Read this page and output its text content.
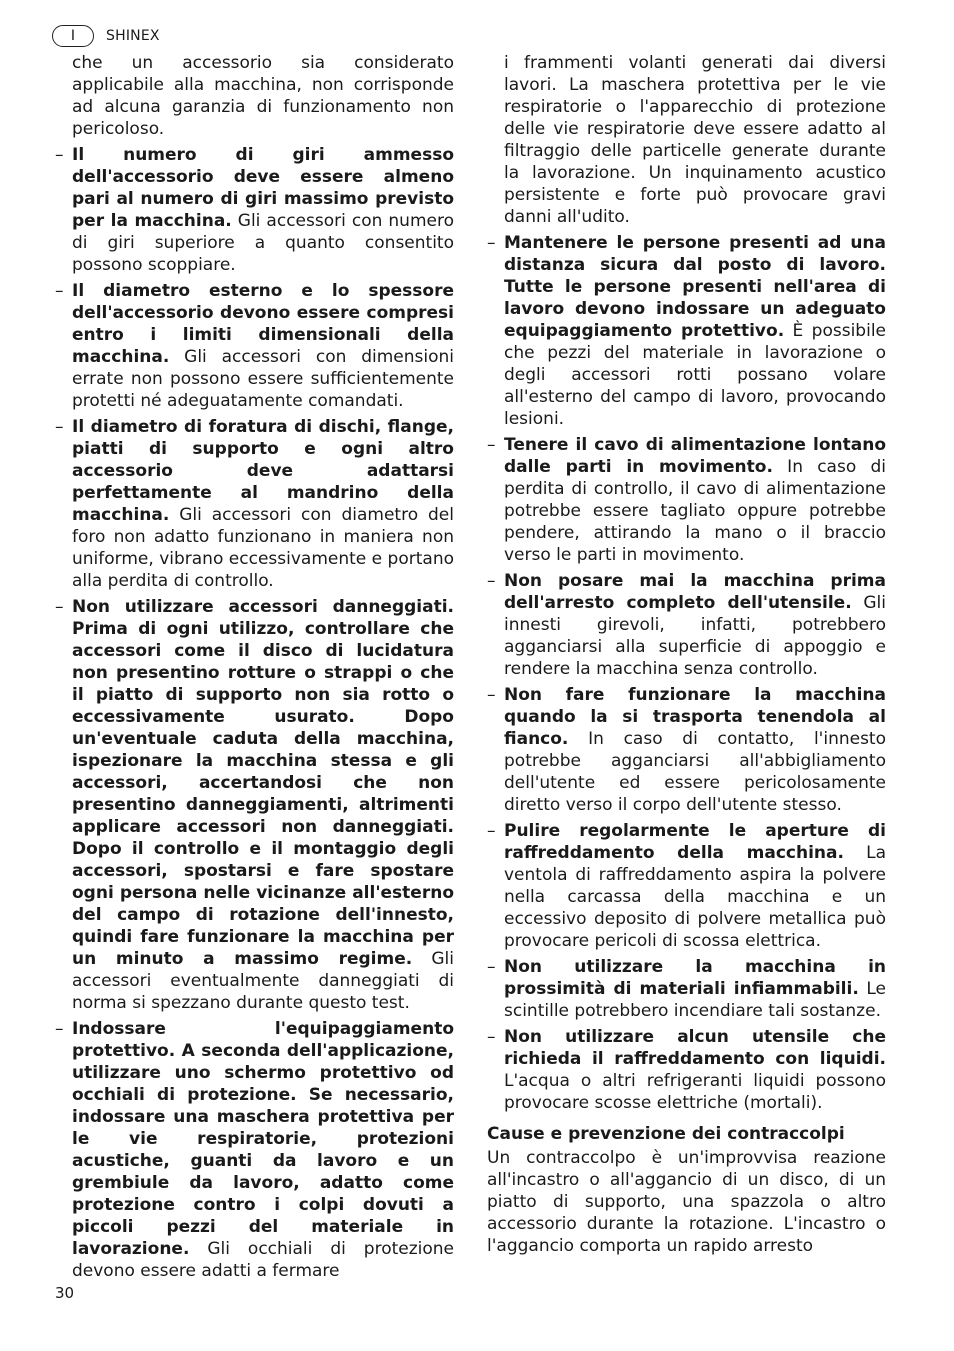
I	SHINEX

che un accessorio sia considerato applicabile alla macchina, non corrisponde ad alcuna garanzia di funzionamento non pericoloso.

– Il numero di giri ammesso dell'accessorio deve essere almeno pari al numero di giri massimo previsto per la macchina. Gli accessori con numero di giri superiore a quanto consentito possono scoppiare.

– Il diametro esterno e lo spessore dell'accessorio devono essere compresi entro i limiti dimensionali della macchina. Gli accessori con dimensioni errate non possono essere sufficientemente protetti né adeguatamente comandati.

– Il diametro di foratura di dischi, flange, piatti di supporto e ogni altro accessorio deve adattarsi perfettamente al mandrino della macchina. Gli accessori con diametro del foro non adatto funzionano in maniera non uniforme, vibrano eccessivamente e portano alla perdita di controllo.

– Non utilizzare accessori danneggiati. Prima di ogni utilizzo, controllare che accessori come il disco di lucidatura non presentino rotture o strappi o che il piatto di supporto non sia rotto o eccessivamente usurato. Dopo un'eventuale caduta della macchina, ispezionare la macchina stessa e gli accessori, accertandosi che non presentino danneggiamenti, altrimenti applicare accessori non danneggiati. Dopo il controllo e il montaggio degli accessori, spostarsi e fare spostare ogni persona nelle vicinanze all'esterno del campo di rotazione dell'innesto, quindi fare funzionare la macchina per un minuto a massimo regime. Gli accessori eventualmente danneggiati di norma si spezzano durante questo test.

– Indossare l'equipaggiamento protettivo. A seconda dell'applicazione, utilizzare uno schermo protettivo od occhiali di protezione. Se necessario, indossare una maschera protettiva per le vie respiratorie, protezioni acustiche, guanti da lavoro e un grembiule da lavoro, adatto come protezione contro i colpi dovuti a piccoli pezzi del materiale in lavorazione. Gli occhiali di protezione devono essere adatti a fermare

i frammenti volanti generati dai diversi lavori. La maschera protettiva per le vie respiratorie o l'apparecchio di protezione delle vie respiratorie deve essere adatto al filtraggio delle particelle generate durante la lavorazione. Un inquinamento acustico persistente e forte può provocare gravi danni all'udito.

– Mantenere le persone presenti ad una distanza sicura dal posto di lavoro. Tutte le persone presenti nell'area di lavoro devono indossare un adeguato equipaggiamento protettivo. È possibile che pezzi del materiale in lavorazione o degli accessori rotti possano volare all'esterno del campo di lavoro, provocando lesioni.

– Tenere il cavo di alimentazione lontano dalle parti in movimento. In caso di perdita di controllo, il cavo di alimentazione potrebbe essere tagliato oppure potrebbe pendere, attirando la mano o il braccio verso le parti in movimento.

– Non posare mai la macchina prima dell'arresto completo dell'utensile. Gli innesti girevoli, infatti, potrebbero agganciarsi alla superficie di appoggio e rendere la macchina senza controllo.

– Non fare funzionare la macchina quando la si trasporta tenendola al fianco. In caso di contatto, l'innesto potrebbe agganciarsi all'abbigliamento dell'utente ed essere pericolosamente diretto verso il corpo dell'utente stesso.

– Pulire regolarmente le aperture di raffreddamento della macchina. La ventola di raffreddamento aspira la polvere nella carcassa della macchina e un eccessivo deposito di polvere metallica può provocare pericoli di scossa elettrica.

– Non utilizzare la macchina in prossimità di materiali infiammabili. Le scintille potrebbero incendiare tali sostanze.

– Non utilizzare alcun utensile che richieda il raffreddamento con liquidi. L'acqua o altri refrigeranti liquidi possono provocare scosse elettriche (mortali).

Cause e prevenzione dei contraccolpi
Un contraccolpo è un'improvvisa reazione all'incastro o all'aggancio di un disco, di un piatto di supporto, una spazzola o altro accessorio durante la rotazione. L'incastro o l'aggancio comporta un rapido arresto
30
